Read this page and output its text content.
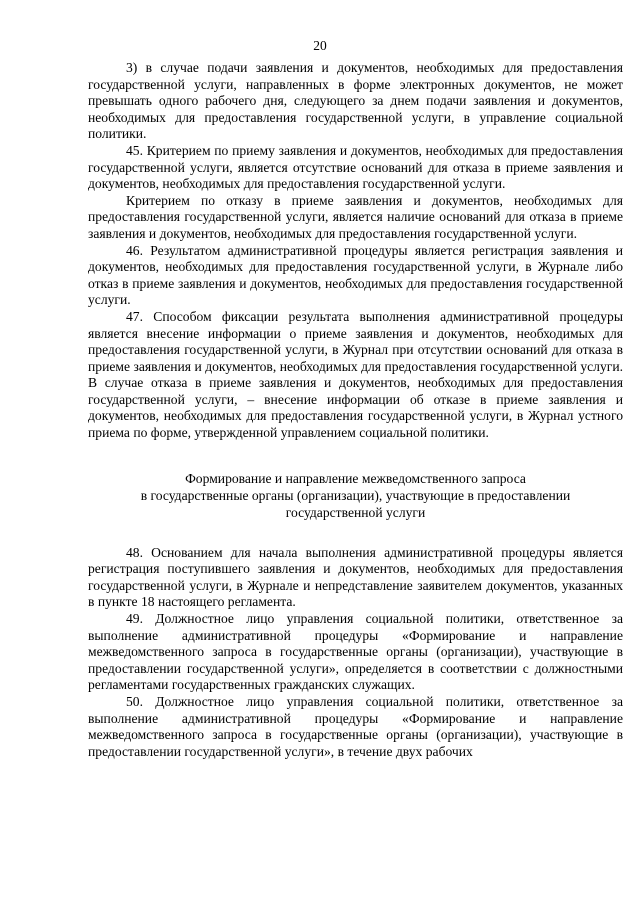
20

3) в случае подачи заявления и документов, необходимых для предоставления государственной услуги, направленных в форме электронных документов, не может превышать одного рабочего дня, следующего за днем подачи заявления и документов, необходимых для предоставления государственной услуги, в управление социальной политики.

45. Критерием по приему заявления и документов, необходимых для предоставления государственной услуги, является отсутствие оснований для отказа в приеме заявления и документов, необходимых для предоставления государственной услуги.

Критерием по отказу в приеме заявления и документов, необходимых для предоставления государственной услуги, является наличие оснований для отказа в приеме заявления и документов, необходимых для предоставления государственной услуги.

46. Результатом административной процедуры является регистрация заявления и документов, необходимых для предоставления государственной услуги, в Журнале либо отказ в приеме заявления и документов, необходимых для предоставления государственной услуги.

47. Способом фиксации результата выполнения административной процедуры является внесение информации о приеме заявления и документов, необходимых для предоставления государственной услуги, в Журнал при отсутствии оснований для отказа в приеме заявления и документов, необходимых для предоставления государственной услуги. В случае отказа в приеме заявления и документов, необходимых для предоставления государственной услуги, – внесение информации об отказе в приеме заявления и документов, необходимых для предоставления государственной услуги, в Журнал устного приема по форме, утвержденной управлением социальной политики.

Формирование и направление межведомственного запроса
в государственные органы (организации), участвующие в предоставлении
государственной услуги

48. Основанием для начала выполнения административной процедуры является регистрация поступившего заявления и документов, необходимых для предоставления государственной услуги, в Журнале и непредставление заявителем документов, указанных в пункте 18 настоящего регламента.

49. Должностное лицо управления социальной политики, ответственное за выполнение административной процедуры «Формирование и направление межведомственного запроса в государственные органы (организации), участвующие в предоставлении государственной услуги», определяется в соответствии с должностными регламентами государственных гражданских служащих.

50. Должностное лицо управления социальной политики, ответственное за выполнение административной процедуры «Формирование и направление межведомственного запроса в государственные органы (организации), участвующие в предоставлении государственной услуги», в течение двух рабочих
